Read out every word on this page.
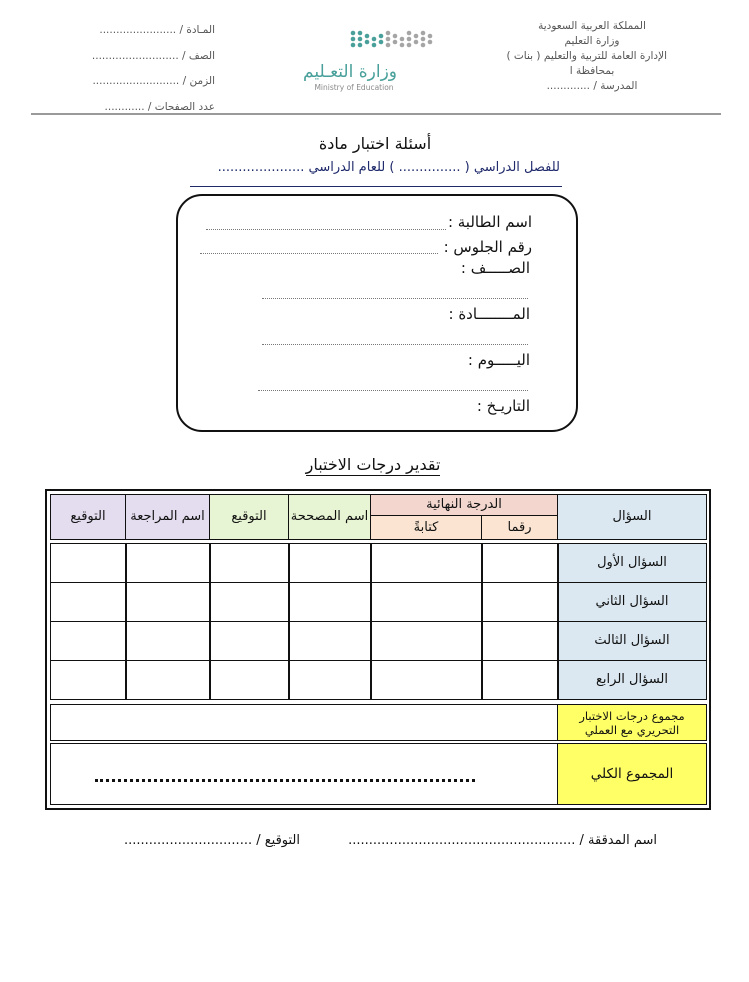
المملكة العربية السعودية
وزارة التعليم
الإدارة العامة للتربية والتعليم ( بنات )
بمحافظة ا
المدرسة / .............
المـادة / .......................
الصف / ..........................
الزمن / ..........................
عدد الصفحات / ............
وزارة التعـليم
Ministry of Education
أسئلة اختبار مادة
للفصل الدراسي ( ............... ) للعام الدراسي .....................
اسم الطالبة :
رقم الجلوس :
الصـــــف :
المــــــــادة :
اليـــــوم :
التاريـخ :
تقدير درجات الاختبار
السؤال
الدرجة النهائية
رقما
كتابةً
اسم المصححة
التوقيع
اسم المراجعة
التوقيع
السؤال الأول
السؤال الثاني
السؤال الثالث
السؤال الرابع
مجموع درجات الاختبار التحريري مع العملي
المجموع الكلي
اسم المدققة / .......................................................
التوقيع / ...............................
